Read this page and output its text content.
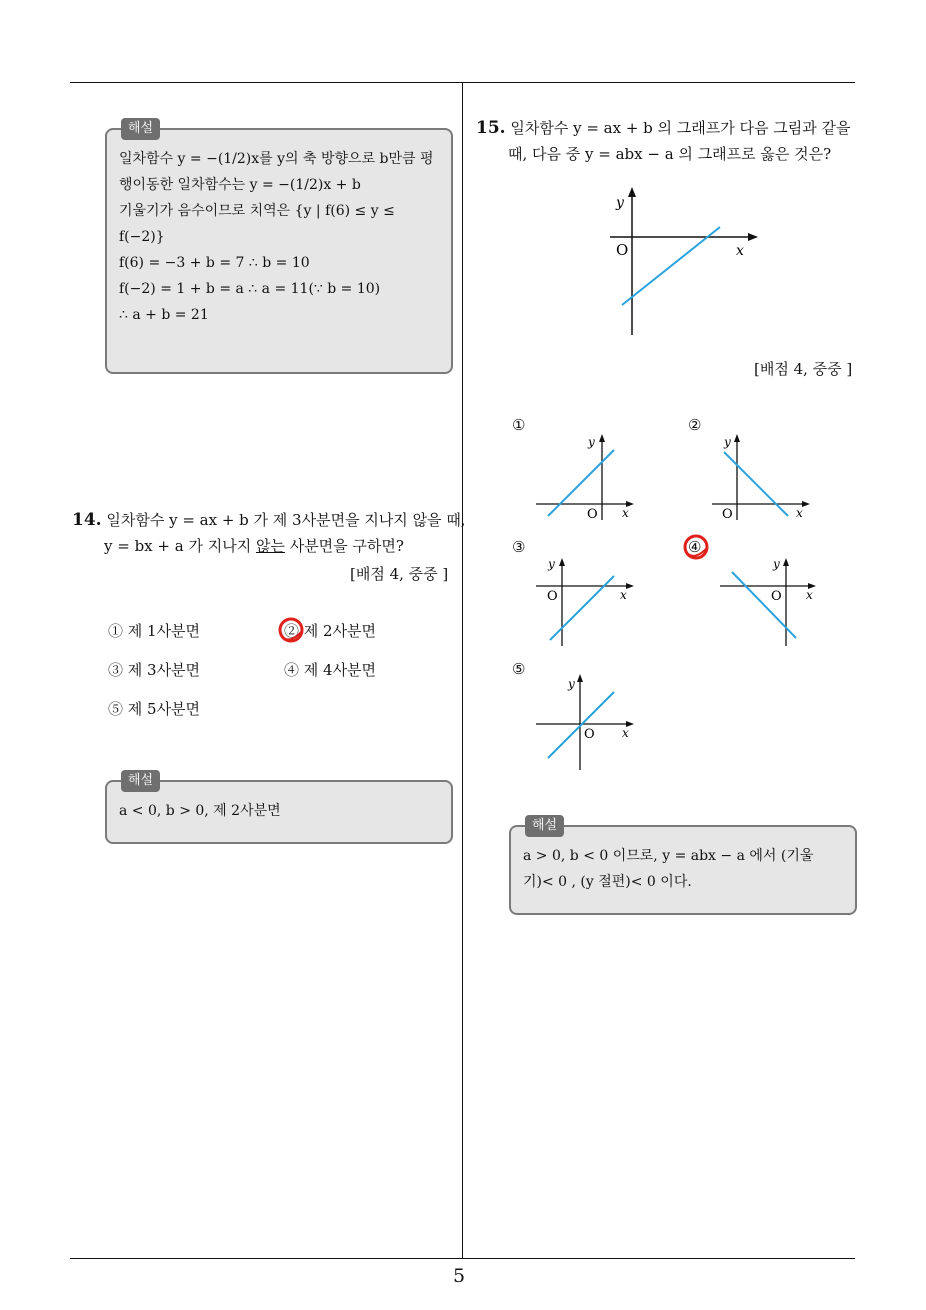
해설

일차함수 y = −(1/2)x를 y의 축 방향으로 b만큼 평

행이동한 일차함수는 y = −(1/2)x + b

기울기가 음수이므로 치역은 {y | f(6) ≤ y ≤

f(−2)}

f(6) = −3 + b = 7 ∴ b = 10

f(−2) = 1 + b = a ∴ a = 11(∵ b = 10)

∴ a + b = 21

14. 일차함수 y = ax + b 가 제 3사분면을 지나지 않을 때,
y = bx + a 가 지나지 않는 사분면을 구하면?
[배점 4, 중중 ]
① 제 1사분면	② 제 2사분면
③ 제 3사분면	④ 제 4사분면
⑤ 제 5사분면
해설

a < 0, b > 0, 제 2사분면

15. 일차함수 y = ax + b 의 그래프가 다음 그림과 같을
때, 다음 중 y = abx − a 의 그래프로 옳은 것은?
y
x
O
[배점 4, 중중 ]
①
y
x
O
②
y
x
O
③
y
x
O
④
y
x
O
⑤
y
x
O
해설

a > 0, b < 0 이므로, y = abx − a 에서 (기울

기)< 0 , (y 절편)< 0 이다.

5
